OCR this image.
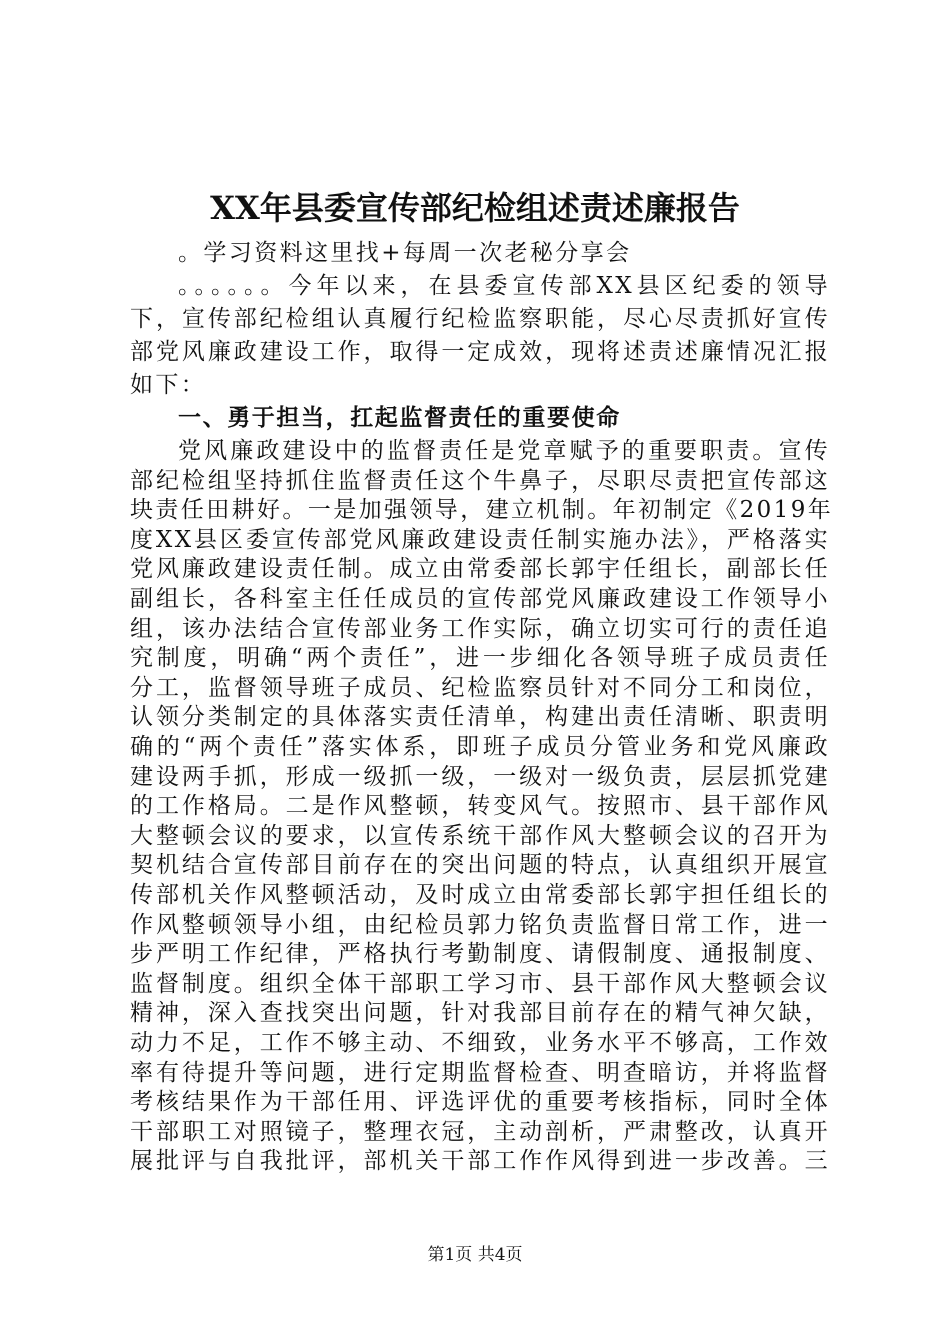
XX年县委宣传部纪检组述责述廉报告
。学习资料这里找+每周一次老秘分享会
。。。。。。今年以来，在县委宣传部XX县区纪委的领导
下，宣传部纪检组认真履行纪检监察职能，尽心尽责抓好宣传
部党风廉政建设工作，取得一定成效，现将述责述廉情况汇报
如下：
一、勇于担当，扛起监督责任的重要使命
党风廉政建设中的监督责任是党章赋予的重要职责。宣传
部纪检组坚持抓住监督责任这个牛鼻子，尽职尽责把宣传部这
块责任田耕好。一是加强领导，建立机制。年初制定《2019年
度XX县区委宣传部党风廉政建设责任制实施办法》，严格落实
党风廉政建设责任制。成立由常委部长郭宇任组长，副部长任
副组长，各科室主任任成员的宣传部党风廉政建设工作领导小
组，该办法结合宣传部业务工作实际，确立切实可行的责任追
究制度，明确“两个责任”，进一步细化各领导班子成员责任
分工，监督领导班子成员、纪检监察员针对不同分工和岗位，
认领分类制定的具体落实责任清单，构建出责任清晰、职责明
确的“两个责任”落实体系，即班子成员分管业务和党风廉政
建设两手抓，形成一级抓一级，一级对一级负责，层层抓党建
的工作格局。二是作风整顿，转变风气。按照市、县干部作风
大整顿会议的要求，以宣传系统干部作风大整顿会议的召开为
契机结合宣传部目前存在的突出问题的特点，认真组织开展宣
传部机关作风整顿活动，及时成立由常委部长郭宇担任组长的
作风整顿领导小组，由纪检员郭力铭负责监督日常工作，进一
步严明工作纪律，严格执行考勤制度、请假制度、通报制度、
监督制度。组织全体干部职工学习市、县干部作风大整顿会议
精神，深入查找突出问题，针对我部目前存在的精气神欠缺，
动力不足，工作不够主动、不细致，业务水平不够高，工作效
率有待提升等问题，进行定期监督检查、明查暗访，并将监督
考核结果作为干部任用、评选评优的重要考核指标，同时全体
干部职工对照镜子，整理衣冠，主动剖析，严肃整改，认真开
第1页 共4页
展批评与自我批评，部机关干部工作作风得到进一步改善。三
